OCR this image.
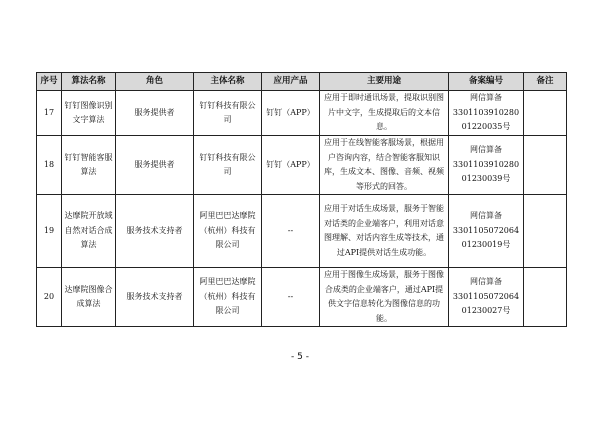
序号	算法名称	角色	主体名称	应用产品	主要用途	备案编号	备注
17	钉钉图像识别文字算法	服务提供者	钉钉科技有限公司	钉钉（APP）	应用于即时通讯场景，提取识别图片中文字，生成提取后的文本信息。	网信算备
330110391028001220035号	

18	钉钉智能客服算法	服务提供者	钉钉科技有限公司	钉钉（APP）	应用于在线智能客服场景，根据用户咨询内容，结合智能客服知识库，生成文本、图像、音频、视频等形式的回答。	网信算备
330110391028001230039号	

19	达摩院开放域自然对话合成算法	服务技术支持者	阿里巴巴达摩院（杭州）科技有限公司	--	应用于对话生成场景，服务于智能对话类的企业端客户，利用对话意图理解、对话内容生成等技术，通过API提供对话生成功能。	网信算备
330110507206401230019号	

20	达摩院图像合成算法	服务技术支持者	阿里巴巴达摩院（杭州）科技有限公司	--	应用于图像生成场景，服务于图像合成类的企业端客户，通过API提供文字信息转化为图像信息的功能。	网信算备
330110507206401230027号	

- 5 -
